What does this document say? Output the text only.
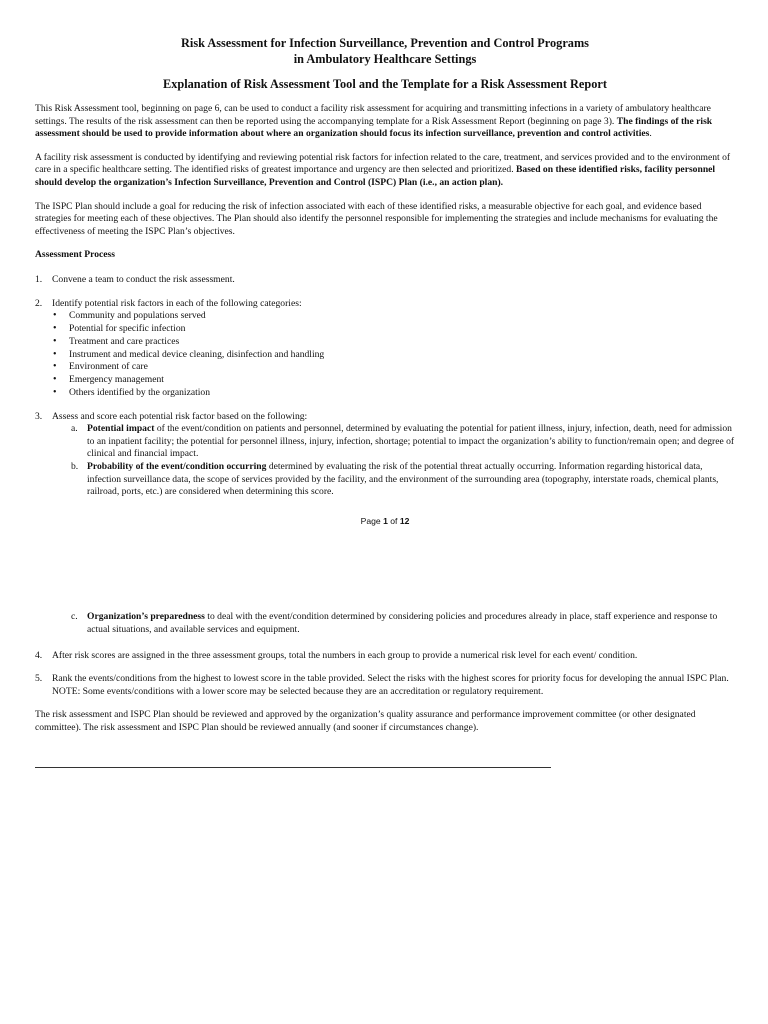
Risk Assessment for Infection Surveillance, Prevention and Control Programs
in Ambulatory Healthcare Settings
Explanation of Risk Assessment Tool and the Template for a Risk Assessment Report

This Risk Assessment tool, beginning on page 6, can be used to conduct a facility risk assessment for acquiring and transmitting infections in a variety of ambulatory healthcare settings. The results of the risk assessment can then be reported using the accompanying template for a Risk Assessment Report (beginning on page 3). The findings of the risk assessment should be used to provide information about where an organization should focus its infection surveillance, prevention and control activities.

A facility risk assessment is conducted by identifying and reviewing potential risk factors for infection related to the care, treatment, and services provided and to the environment of care in a specific healthcare setting. The identified risks of greatest importance and urgency are then selected and prioritized. Based on these identified risks, facility personnel should develop the organization’s Infection Surveillance, Prevention and Control (ISPC) Plan (i.e., an action plan).

The ISPC Plan should include a goal for reducing the risk of infection associated with each of these identified risks, a measurable objective for each goal, and evidence based strategies for meeting each of these objectives. The Plan should also identify the personnel responsible for implementing the strategies and include mechanisms for evaluating the effectiveness of meeting the ISPC Plan’s objectives.

Assessment Process
1.	Convene a team to conduct the risk assessment.
2.	Identify potential risk factors in each of the following categories:
• Community and populations served
• Potential for specific infection
• Treatment and care practices
• Instrument and medical device cleaning, disinfection and handling
• Environment of care
• Emergency management
• Others identified by the organization
3.	Assess and score each potential risk factor based on the following:
a. Potential impact of the event/condition on patients and personnel, determined by evaluating the potential for patient illness, injury, infection, death, need for admission to an inpatient facility; the potential for personnel illness, injury, infection, shortage; potential to impact the organization’s ability to function/remain open; and degree of clinical and financial impact.
b. Probability of the event/condition occurring determined by evaluating the risk of the potential threat actually occurring. Information regarding historical data, infection surveillance data, the scope of services provided by the facility, and the environment of the surrounding area (topography, interstate roads, chemical plants, railroad, ports, etc.) are considered when determining this score.
Page 1 of 12
c. Organization’s preparedness to deal with the event/condition determined by considering policies and procedures already in place, staff experience and response to actual situations, and available services and equipment.
4.	After risk scores are assigned in the three assessment groups, total the numbers in each group to provide a numerical risk level for each event/ condition.
5.	Rank the events/conditions from the highest to lowest score in the table provided. Select the risks with the highest scores for priority focus for developing the annual ISPC Plan. NOTE: Some events/conditions with a lower score may be selected because they are an accreditation or regulatory requirement.

The risk assessment and ISPC Plan should be reviewed and approved by the organization’s quality assurance and performance improvement committee (or other designated committee). The risk assessment and ISPC Plan should be reviewed annually (and sooner if circumstances change).
